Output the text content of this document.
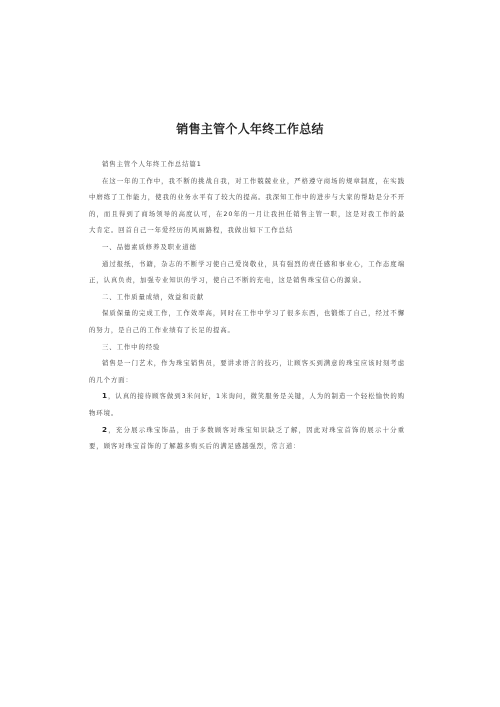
销售主管个人年终工作总结

销售主管个人年终工作总结篇1

在这一年的工作中，我不断的挑战自我，对工作兢兢业业，严格遵守商场的规章制度，在实践中磨练了工作能力，使我的业务水平有了较大的提高。我深知工作中的进步与大家的帮助是分不开的，而且得到了商场领导的高度认可，在20年的一月让我担任销售主管一职，这是对我工作的最大肯定。回首自己一年爱经历的风雨路程，我做出如下工作总结

一、品德素质修养及职业道德

通过报纸，书籍，杂志的不断学习使自己爱岗敬业，具有强烈的责任感和事业心，工作态度端正，认真负责，加强专业知识的学习，使自己不断的充电，这是销售珠宝信心的源泉。

二、工作质量成绩，效益和贡献

保质保量的完成工作，工作效率高，同时在工作中学习了很多东西，也锻炼了自己，经过不懈的努力，是自己的工作业绩有了长足的提高。

三、工作中的经验

销售是一门艺术，作为珠宝销售员，要讲求语言的技巧，让顾客买到满意的珠宝应该时刻考虑的几个方面：

1，认真的接待顾客做到3米问好，1米询问，微笑服务是关键，人为的制造一个轻松愉快的购物环境。

2，充分展示珠宝饰品，由于多数顾客对珠宝知识缺乏了解，因此对珠宝首饰的展示十分重要，顾客对珠宝首饰的了解越多购买后的满足感越强烈，常言道：
